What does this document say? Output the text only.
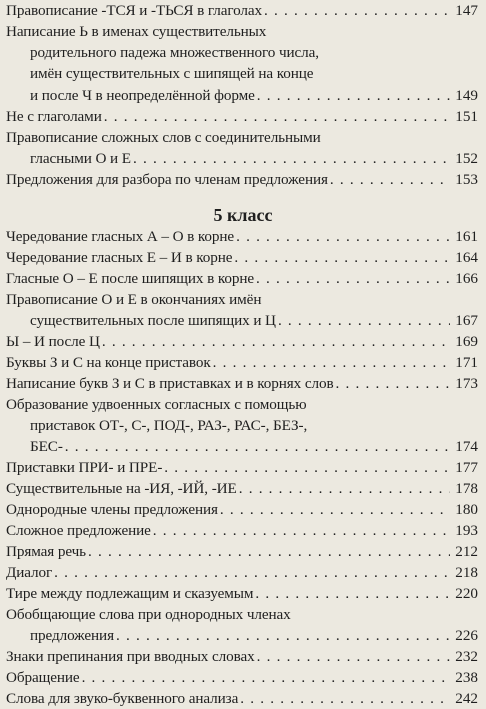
5 класс
Правописание -ТСЯ и -ТЬСЯ в глаголах . . .	147
Написание Ь в именах существительных
родительного падежа множественного числа,
имён существительных с шипящей на конце
и после Ч в неопределённой форме . . .	149
Не с глаголами . . .	151
Правописание сложных слов с соединительными
гласными О и Е . . .	152
Предложения для разбора по членам предложения . . .	153
Чередование гласных А – О в корне . . .	161
Чередование гласных Е – И в корне . . .	164
Гласные О – Е после шипящих в корне . . .	166
Правописание О и Е в окончаниях имён
существительных после шипящих и Ц . . .	167
Ы – И после Ц . . .	169
Буквы З и С на конце приставок . . .	171
Написание букв З и С в приставках и в корнях слов . . .	173
Образование удвоенных согласных с помощью
приставок ОТ-, С-, ПОД-, РАЗ-, РАС-, БЕЗ-,
БЕС- . . .	174
Приставки ПРИ- и ПРЕ- . . .	177
Существительные на -ИЯ, -ИЙ, -ИЕ . . .	178
Однородные члены предложения . . .	180
Сложное предложение . . .	193
Прямая речь . . .	212
Диалог . . .	218
Тире между подлежащим и сказуемым . . .	220
Обобщающие слова при однородных членах
предложения . . .	226
Знаки препинания при вводных словах . . .	232
Обращение . . .	238
Слова для звуко-буквенного анализа . . .	242
